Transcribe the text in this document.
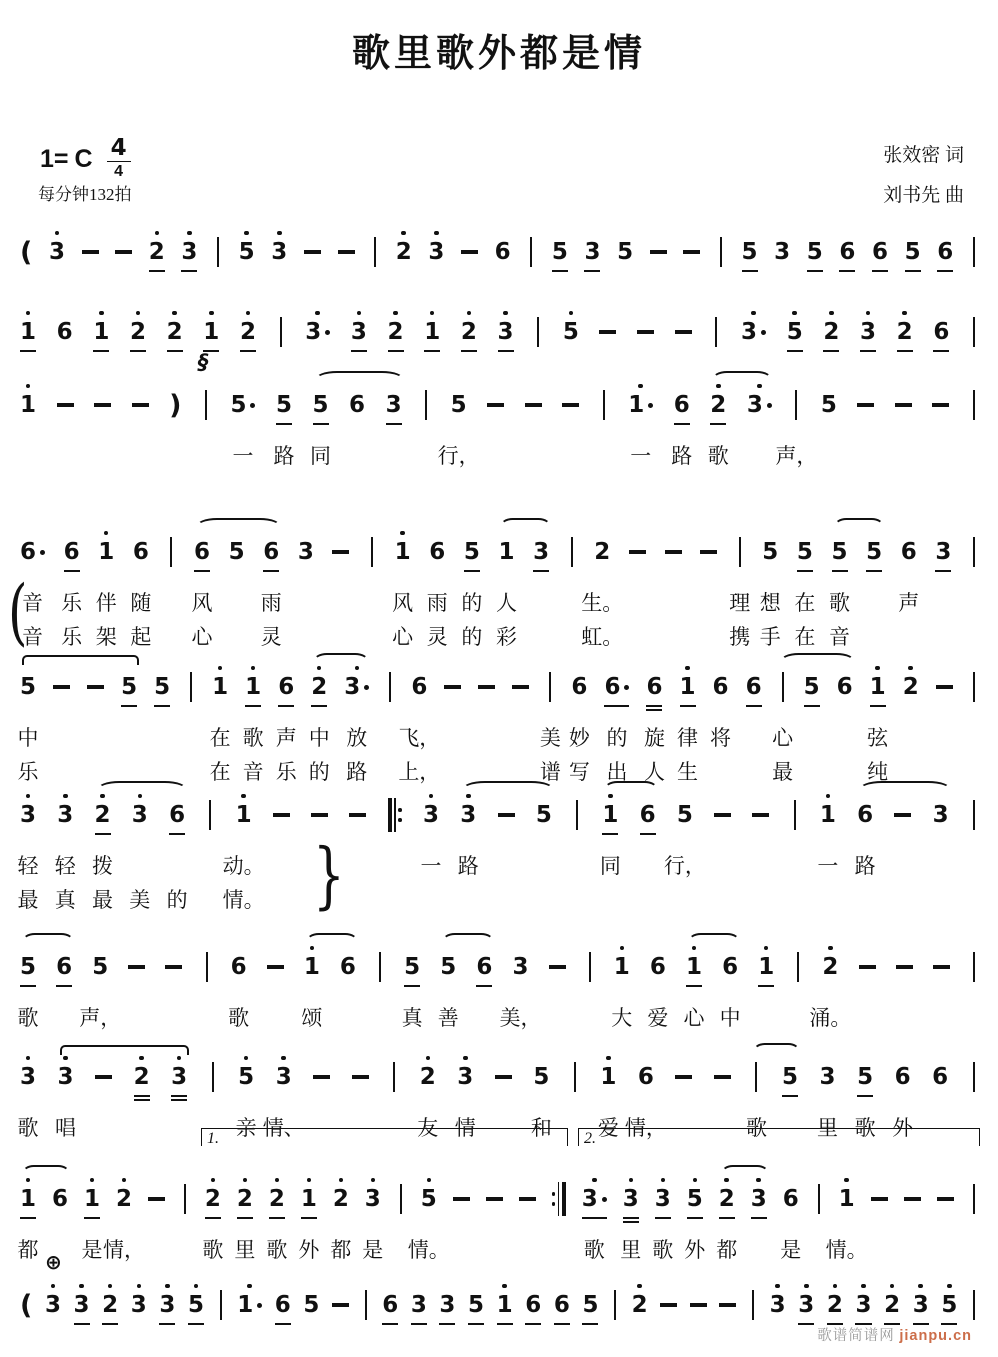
歌里歌外都是情
1= C $\frac{4}{4}$
每分钟132拍
张效密 词
刘书先 曲
( 3	2 3 5 3	2 3 6 5 3 5	5 3 5 6 6 5 6
1 6 1 2 2 1 2 3 3 2 1 2 3 5	3 5 2 3 2 6
1	) 5
一
5
路
5
同
6 3 5
行，
1
一
6
路
2
歌
3
声，
5
§
6
音
音
6
乐
乐
1
伴
架
6
随
起
6
风
心
5 6
雨
灵
3	1
风
心
6
雨
灵
5
的
的
1
人
彩
3 2
生。
虹。
理
携
5
想
手
5
在
在
5
歌
音
5 6
声
3
(
5
中
乐
5 5 1
在
在
1
歌
音
6
声
乐
2
中
的
3
放
路
6
飞，
上，
美
谱
6
妙
写
6
的
出
6
旋
人
1
律
生
6
将
6
心
最
5 6 1
弦
纯
2
3
轻
最
3
轻
真
2
拨
最
3
美
6
的
1
动。
情。
3
一
3
路
5 1
同
6 5
行，
1
一
6
路
3
}
5
歌
6 5
声，
6
歌
1
颂
6 5
真
5
善
6 3
美，
1
大
6
爱
1
心
6
中
1 2
涌。
3
歌
3
唱
2 3 5
亲
3
情、
2
友
3
情
5
和
1
爱
6
情，	歌
5 3
里
5
歌
6
外
6
1
都
6 1
是
2
情，
2
歌
2
里
2
歌
1
外
2
都
3
是
5
情。
3
歌
3
里
3
歌
5
外
2
都
3 6
是
1
情。
1.	2.
( 3 3 2 3 3 5 1 6 5	6 3 3 5 1 6 6 5 2	3 3 2 3 2 3 5
⊕
歌谱简谱网 jianpu.cn
